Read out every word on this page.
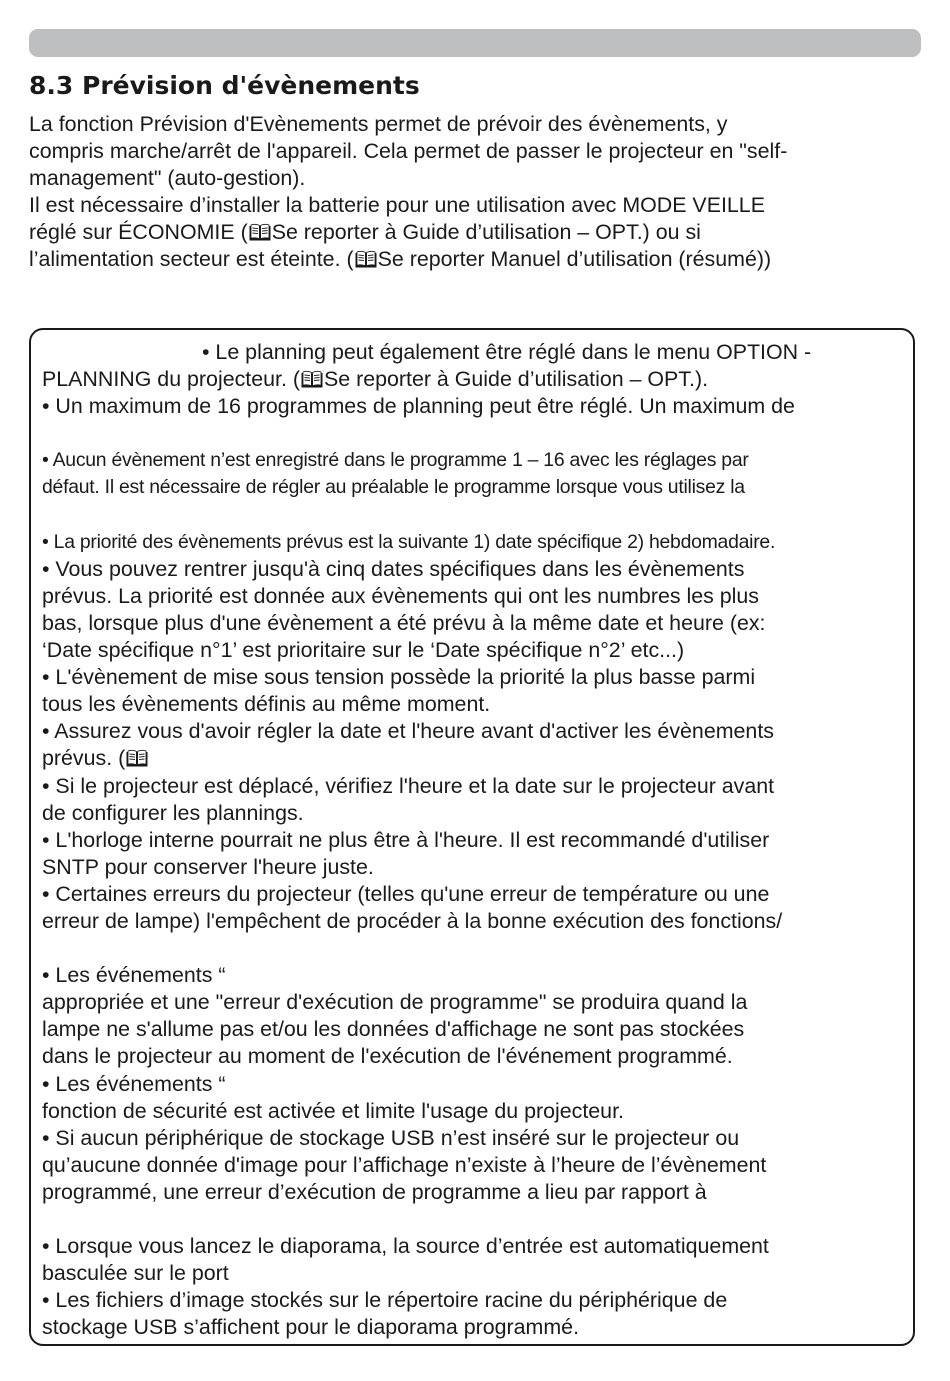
8.3 Prévision d'évènements
La fonction Prévision d'Evènements permet de prévoir des évènements, y
compris marche/arrêt de l'appareil. Cela permet de passer le projecteur en "self-
management" (auto-gestion).
Il est nécessaire d’installer la batterie pour une utilisation avec MODE VEILLE
réglé sur ÉCONOMIE ( Se reporter à Guide d’utilisation – OPT.) ou si
l’alimentation secteur est éteinte. ( Se reporter Manuel d’utilisation (résumé))
• Le planning peut également être réglé dans le menu OPTION -
PLANNING du projecteur. ( Se reporter à Guide d’utilisation – OPT.).
• Un maximum de 16 programmes de planning peut être réglé. Un maximum de
• Aucun évènement n’est enregistré dans le programme 1 – 16 avec les réglages par
défaut. Il est nécessaire de régler au préalable le programme lorsque vous utilisez la
• La priorité des évènements prévus est la suivante 1) date spécifique 2) hebdomadaire.
• Vous pouvez rentrer jusqu'à cinq dates spécifiques dans les évènements
prévus. La priorité est donnée aux évènements qui ont les numbres les plus
bas, lorsque plus d'une évènement a été prévu à la même date et heure (ex:
‘Date spécifique n°1’ est prioritaire sur le ‘Date spécifique n°2’ etc...)
• L'évènement de mise sous tension possède la priorité la plus basse parmi
tous les évènements définis au même moment.
• Assurez vous d'avoir régler la date et l'heure avant d'activer les évènements
prévus. (
• Si le projecteur est déplacé, vérifiez l'heure et la date sur le projecteur avant
de configurer les plannings.
• L'horloge interne pourrait ne plus être à l'heure. Il est recommandé d'utiliser
SNTP pour conserver l'heure juste.
• Certaines erreurs du projecteur (telles qu'une erreur de température ou une
erreur de lampe) l'empêchent de procéder à la bonne exécution des fonctions/
• Les événements “
appropriée et une "erreur d'exécution de programme" se produira quand la
lampe ne s'allume pas et/ou les données d'affichage ne sont pas stockées
dans le projecteur au moment de l'exécution de l'événement programmé.
• Les événements “
fonction de sécurité est activée et limite l'usage du projecteur.
• Si aucun périphérique de stockage USB n’est inséré sur le projecteur ou
qu’aucune donnée d'image pour l’affichage n’existe à l’heure de l’évènement
programmé, une erreur d’exécution de programme a lieu par rapport à
• Lorsque vous lancez le diaporama, la source d’entrée est automatiquement
basculée sur le port
• Les fichiers d’image stockés sur le répertoire racine du périphérique de
stockage USB s’affichent pour le diaporama programmé.
